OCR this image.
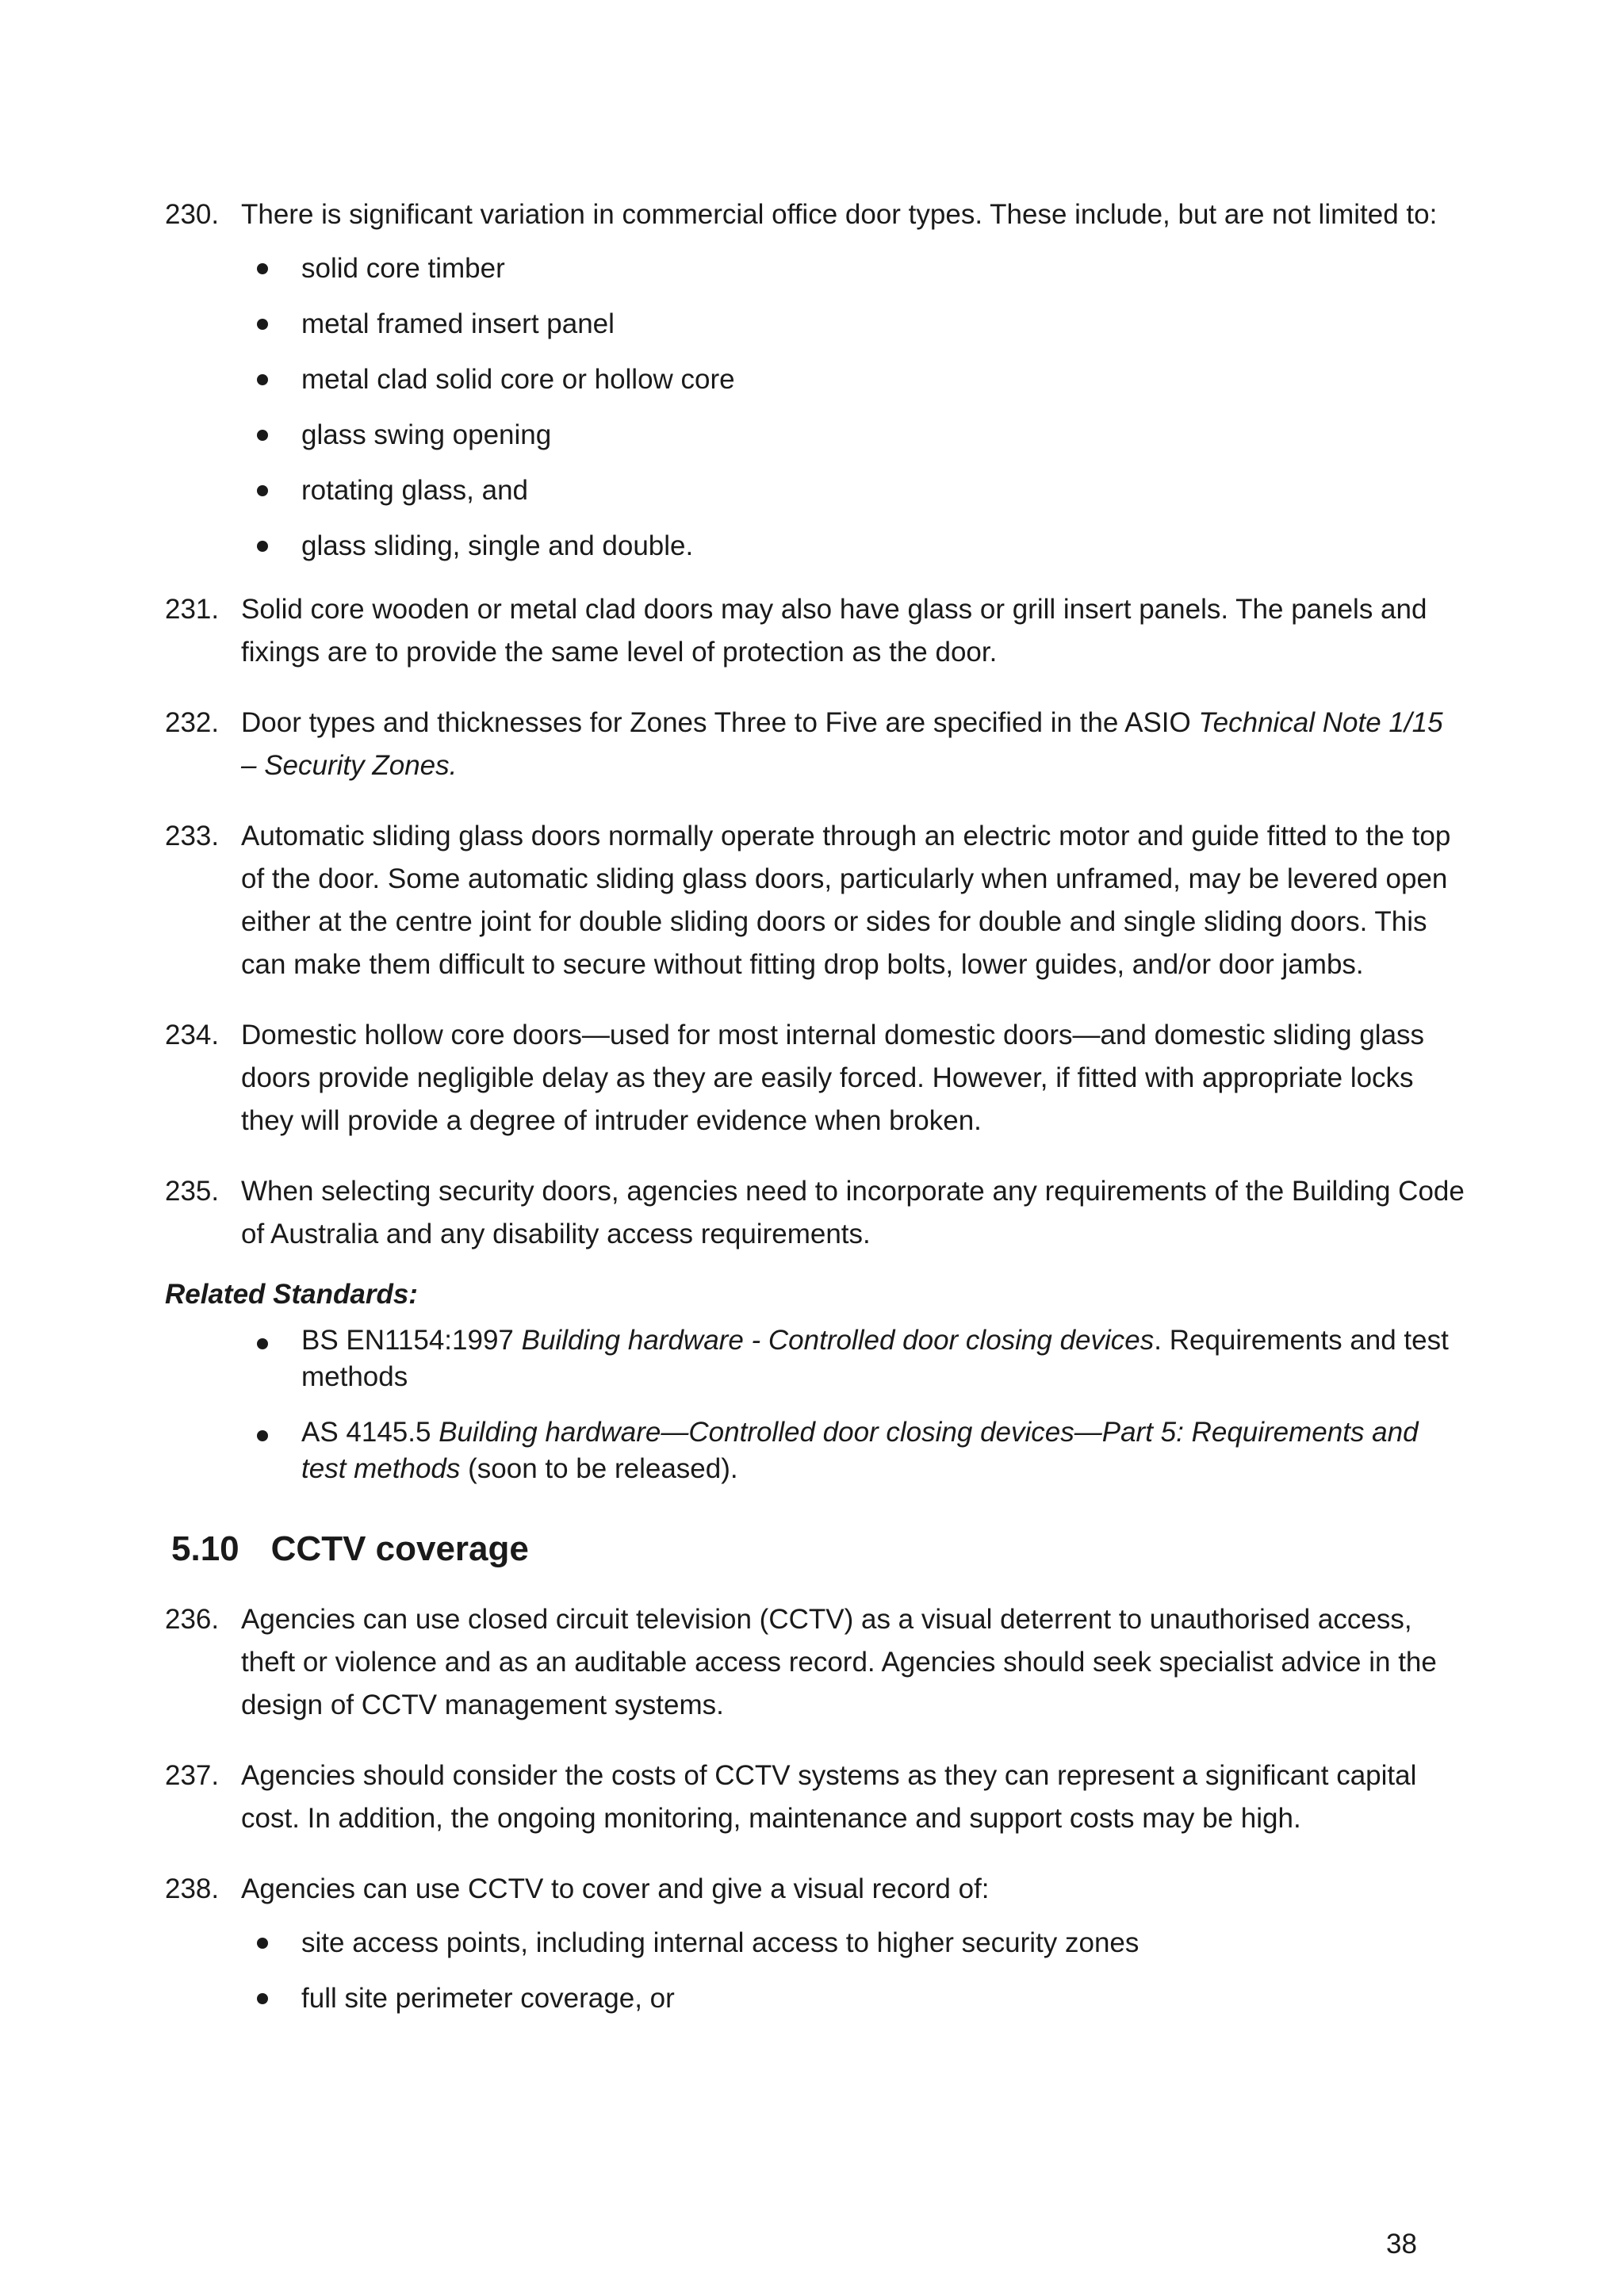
230. There is significant variation in commercial office door types. These include, but are not limited to:
solid core timber
metal framed insert panel
metal clad solid core or hollow core
glass swing opening
rotating glass, and
glass sliding, single and double.
231. Solid core wooden or metal clad doors may also have glass or grill insert panels. The panels and fixings are to provide the same level of protection as the door.
232. Door types and thicknesses for Zones Three to Five are specified in the ASIO Technical Note 1/15 – Security Zones.
233. Automatic sliding glass doors normally operate through an electric motor and guide fitted to the top of the door. Some automatic sliding glass doors, particularly when unframed, may be levered open either at the centre joint for double sliding doors or sides for double and single sliding doors. This can make them difficult to secure without fitting drop bolts, lower guides, and/or door jambs.
234. Domestic hollow core doors—used for most internal domestic doors—and domestic sliding glass doors provide negligible delay as they are easily forced. However, if fitted with appropriate locks they will provide a degree of intruder evidence when broken.
235. When selecting security doors, agencies need to incorporate any requirements of the Building Code of Australia and any disability access requirements.
Related Standards:
BS EN1154:1997 Building hardware - Controlled door closing devices. Requirements and test methods
AS 4145.5 Building hardware—Controlled door closing devices—Part 5: Requirements and test methods (soon to be released).
5.10 CCTV coverage
236. Agencies can use closed circuit television (CCTV) as a visual deterrent to unauthorised access, theft or violence and as an auditable access record. Agencies should seek specialist advice in the design of CCTV management systems.
237. Agencies should consider the costs of CCTV systems as they can represent a significant capital cost. In addition, the ongoing monitoring, maintenance and support costs may be high.
238. Agencies can use CCTV to cover and give a visual record of:
site access points, including internal access to higher security zones
full site perimeter coverage, or
38
